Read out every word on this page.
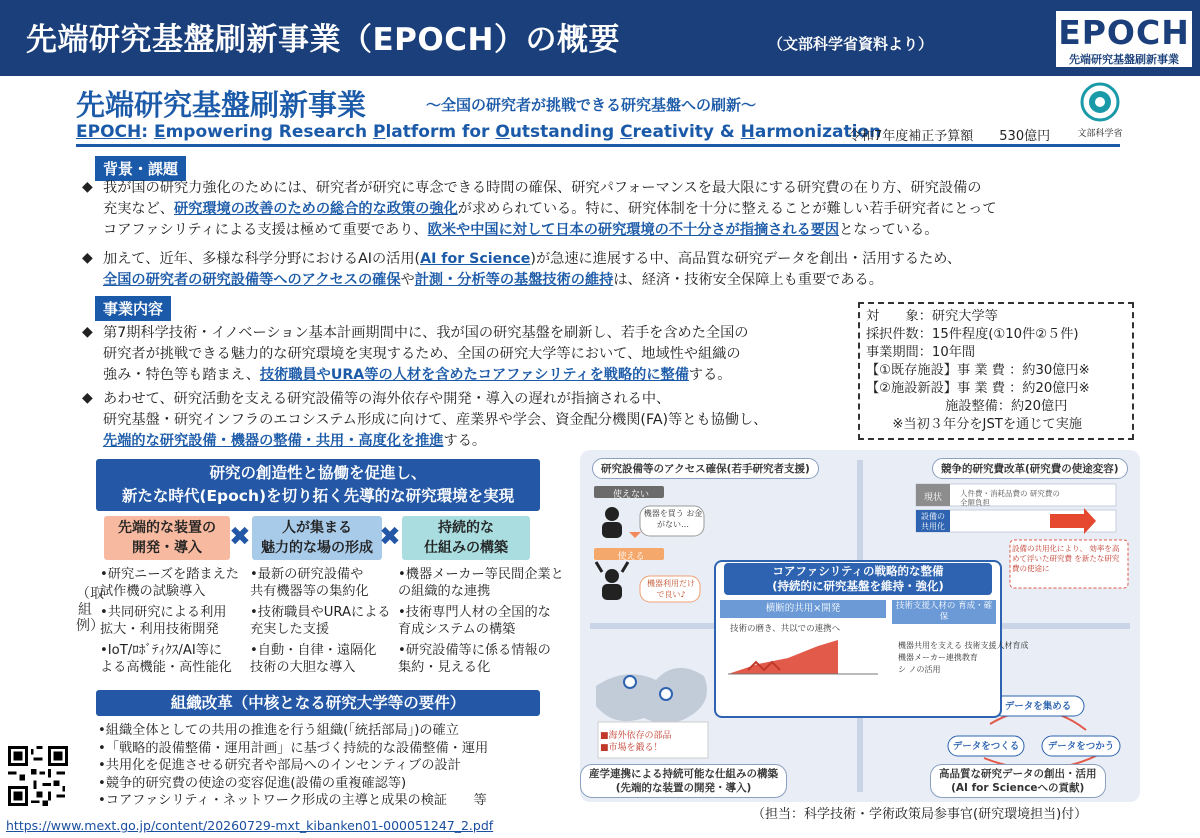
先端研究基盤刷新事業（EPOCH）の概要	（文部科学省資料より）	EPOCH
先端研究基盤刷新事業
先端研究基盤刷新事業	～全国の研究者が挑戦できる研究基盤への刷新～
EPOCH: Empowering Research Platform for Outstanding Creativity & Harmonization
令和7年度補正予算額　　530億円	文部科学省
背景・課題
◆ 我が国の研究力強化のためには、研究者が研究に専念できる時間の確保、研究パフォーマンスを最大限にする研究費の在り方、研究設備の
充実など、研究環境の改善のための総合的な政策の強化が求められている。特に、研究体制を十分に整えることが難しい若手研究者にとって
コアファシリティによる支援は極めて重要であり、欧米や中国に対して日本の研究環境の不十分さが指摘される要因となっている。
◆ 加えて、近年、多様な科学分野におけるAIの活用(AI for Science)が急速に進展する中、高品質な研究データを創出・活用するため、
全国の研究者の研究設備等へのアクセスの確保や計測・分析等の基盤技術の維持は、経済・技術安全保障上も重要である。
事業内容
◆ 第7期科学技術・イノベーション基本計画期間中に、我が国の研究基盤を刷新し、若手を含めた全国の
研究者が挑戦できる魅力的な研究環境を実現するため、全国の研究大学等において、地域性や組織の
強み・特色等も踏まえ、技術職員やURA等の人材を含めたコアファシリティを戦略的に整備する。
◆ あわせて、研究活動を支える研究設備等の海外依存や開発・導入の遅れが指摘される中、
研究基盤・研究インフラのエコシステム形成に向けて、産業界や学会、資金配分機関(FA)等とも協働し、
先端的な研究設備・機器の整備・共用・高度化を推進する。
対　　象：研究大学等
採択件数：15件程度(①10件②５件)
事業期間：10年間
【①既存施設】事 業 費 ：約30億円※
【②施設新設】事 業 費 ：約20億円※
　　　　　　施設整備：約20億円
　　※当初３年分をJSTを通じて実施
研究の創造性と協働を促進し、
新たな時代(Epoch)を切り拓く先導的な研究環境を実現
先端的な装置の
開発・導入	✖	人が集まる
魅力的な場の形成 ✖	持続的な
仕組みの構築
（取組例）
•研究ニーズを踏まえた
試作機の試験導入
•共同研究による利用
拡大・利用技術開発
•IoT/ﾛﾎﾞﾃｨｸｽ/AI等に
よる高機能・高性能化
•最新の研究設備や
共有機器等の集約化
•技術職員やURAによる
充実した支援
•自動・自律・遠隔化
技術の大胆な導入
•機器メーカー等民間企業と
の組織的な連携
•技術専門人材の全国的な
育成システムの構築
•研究設備等に係る情報の
集約・見える化
組織改革（中核となる研究大学等の要件）
•組織全体としての共用の推進を行う組織(「統括部局」)の確立
•「戦略的設備整備・運用計画」に基づく持続的な設備整備・運用
•共用化を促進させる研究者や部局へのインセンティブの設計
•競争的研究費の使途の変容促進(設備の重複確認等)
•コアファシリティ・ネットワーク形成の主導と成果の検証　　等
https://www.mext.go.jp/content/20260729-mxt_kibanken01-000051247_2.pdf
研究設備等のアクセス確保(若手研究者支援)	競争的研究費改革(研究費の使途変容)
使えない
使える
機器を買う お金がない…
機器利用だけ で良い♪
現状
設備の 共用化
人件費・消耗品費の 研究費の 全額負担
設備の共用化により、 効率を高めて浮いた研究費 を新たな研究費の使途に
コアファシリティの戦略的な整備
(持続的に研究基盤を維持・強化)
横断的共用×開発	技術支援人材の 育成・確保
技術の磨き、共以での連携へ
機器共用を支える 技術支援人材育成
機器メーカー連携教育
シ ノの活用
■海外依存の部品
■市場を鍛る！
データを集める
データをつくる	データをつかう
産学連携による持続可能な仕組みの構築
(先端的な装置の開発・導入)
高品質な研究データの創出・活用
(AI for Scienceへの貢献)
（担当：科学技術・学術政策局参事官(研究環境担当)付）
